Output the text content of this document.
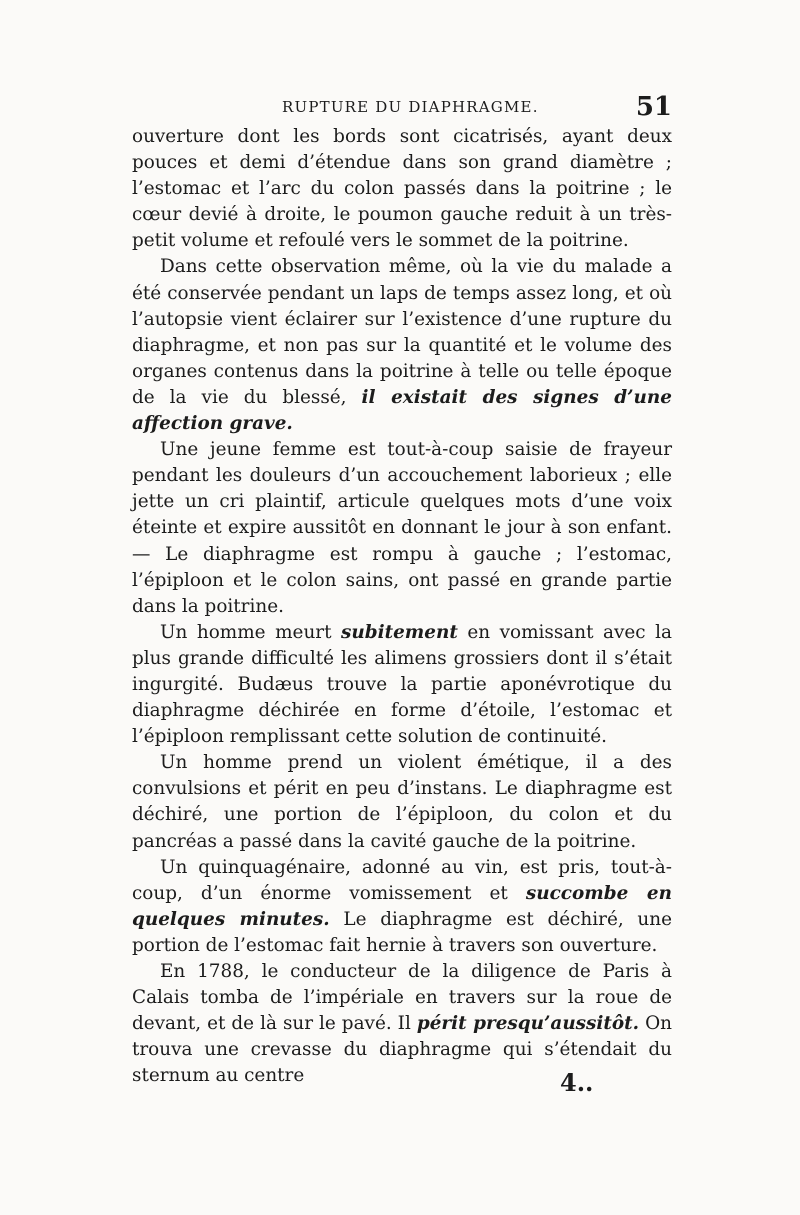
RUPTURE DU DIAPHRAGME.	51

ouverture dont les bords sont cicatrisés, ayant deux pouces et demi d’étendue dans son grand diamètre ; l’estomac et l’arc du colon passés dans la poitrine ; le cœur devié à droite, le poumon gauche reduit à un très-petit volume et refoulé vers le sommet de la poitrine.

Dans cette observation même, où la vie du malade a été conservée pendant un laps de temps assez long, et où l’autopsie vient éclairer sur l’existence d’une rupture du diaphragme, et non pas sur la quantité et le volume des organes contenus dans la poitrine à telle ou telle époque de la vie du blessé, il existait des signes d’une affection grave.

Une jeune femme est tout-à-coup saisie de frayeur pendant les douleurs d’un accouchement laborieux ; elle jette un cri plaintif, articule quelques mots d’une voix éteinte et expire aussitôt en donnant le jour à son enfant. — Le diaphragme est rompu à gauche ; l’estomac, l’épiploon et le colon sains, ont passé en grande partie dans la poitrine.

Un homme meurt subitement en vomissant avec la plus grande difficulté les alimens grossiers dont il s’était ingurgité. Budæus trouve la partie aponévrotique du diaphragme déchirée en forme d’étoile, l’estomac et l’épiploon remplissant cette solution de continuité.

Un homme prend un violent émétique, il a des convulsions et périt en peu d’instans. Le diaphragme est déchiré, une portion de l’épiploon, du colon et du pancréas a passé dans la cavité gauche de la poitrine.

Un quinquagénaire, adonné au vin, est pris, tout-à-coup, d’un énorme vomissement et succombe en quelques minutes. Le diaphragme est déchiré, une portion de l’estomac fait hernie à travers son ouverture.

En 1788, le conducteur de la diligence de Paris à Calais tomba de l’impériale en travers sur la roue de devant, et de là sur le pavé. Il périt presqu’aussitôt. On trouva une crevasse du diaphragme qui s’étendait du sternum au centre	4..
